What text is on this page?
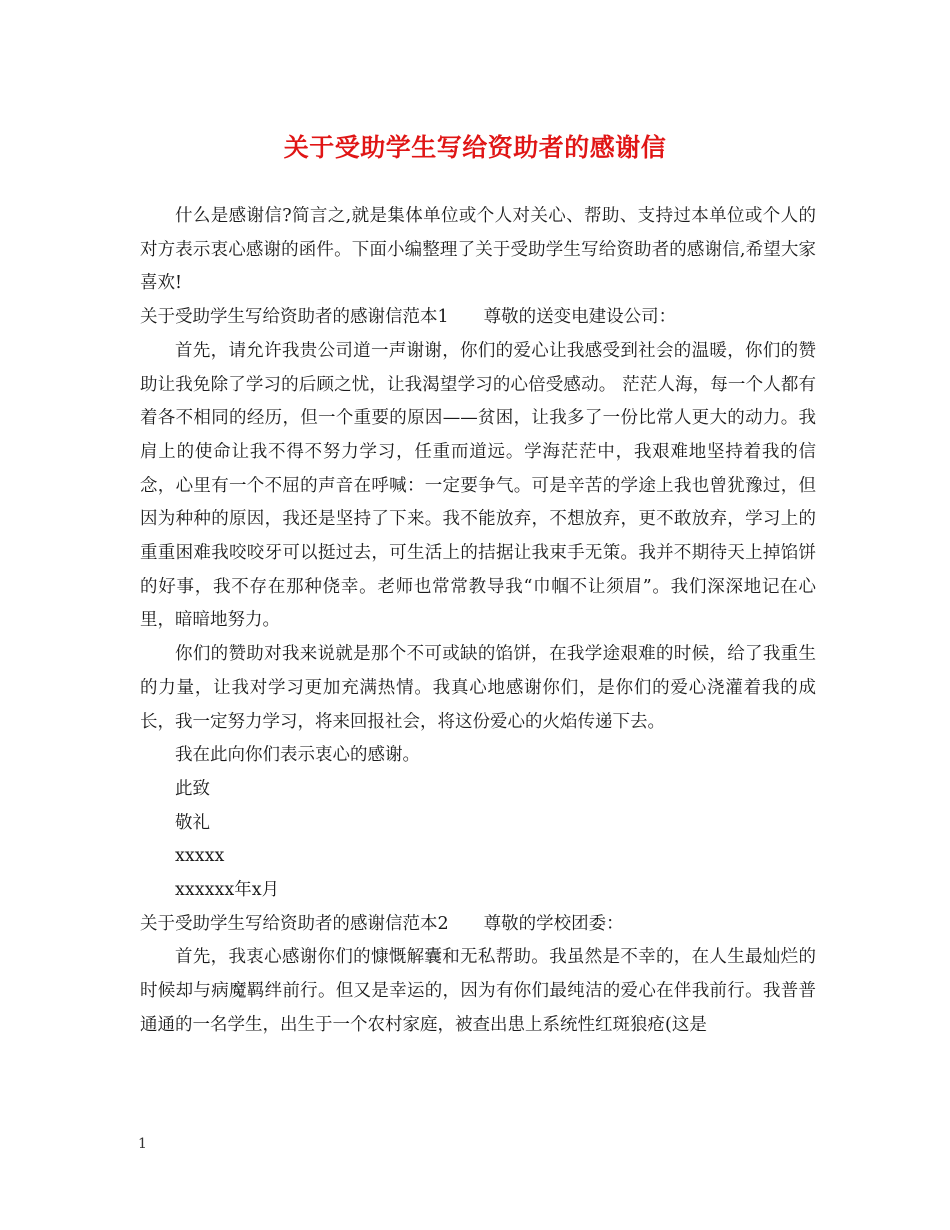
关于受助学生写给资助者的感谢信

什么是感谢信?简言之,就是集体单位或个人对关心、帮助、支持过本单位或个人的对方表示衷心感谢的函件。下面小编整理了关于受助学生写给资助者的感谢信,希望大家喜欢!

关于受助学生写给资助者的感谢信范本1　　尊敬的送变电建设公司：

首先，请允许我贵公司道一声谢谢，你们的爱心让我感受到社会的温暖，你们的赞助让我免除了学习的后顾之忧，让我渴望学习的心倍受感动。 茫茫人海，每一个人都有着各不相同的经历，但一个重要的原因——贫困，让我多了一份比常人更大的动力。我肩上的使命让我不得不努力学习，任重而道远。学海茫茫中，我艰难地坚持着我的信念，心里有一个不屈的声音在呼喊：一定要争气。可是辛苦的学途上我也曾犹豫过，但因为种种的原因，我还是坚持了下来。我不能放弃，不想放弃，更不敢放弃，学习上的重重困难我咬咬牙可以挺过去，可生活上的拮据让我束手无策。我并不期待天上掉馅饼的好事，我不存在那种侥幸。老师也常常教导我“巾帼不让须眉”。我们深深地记在心里，暗暗地努力。

你们的赞助对我来说就是那个不可或缺的馅饼，在我学途艰难的时候，给了我重生的力量，让我对学习更加充满热情。我真心地感谢你们，是你们的爱心浇灌着我的成长，我一定努力学习，将来回报社会，将这份爱心的火焰传递下去。

我在此向你们表示衷心的感谢。

此致

敬礼

xxxxx

xxxxxx年x月

关于受助学生写给资助者的感谢信范本2　　尊敬的学校团委：

首先，我衷心感谢你们的慷慨解囊和无私帮助。我虽然是不幸的，在人生最灿烂的时候却与病魔羁绊前行。但又是幸运的，因为有你们最纯洁的爱心在伴我前行。我普普通通的一名学生，出生于一个农村家庭，被查出患上系统性红斑狼疮(这是

1
